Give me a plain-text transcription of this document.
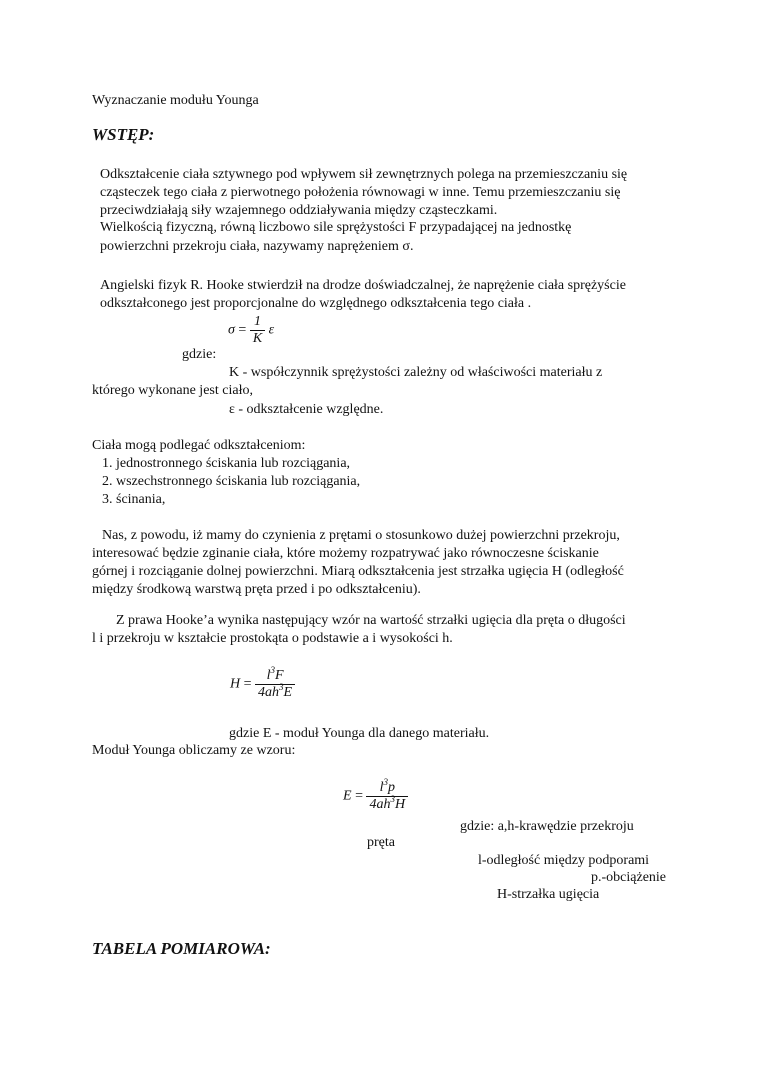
Wyznaczanie modułu Younga
WSTĘP:
Odkształcenie ciała sztywnego pod wpływem sił zewnętrznych polega na przemieszczaniu się
cząsteczek tego ciała z pierwotnego położenia równowagi w inne. Temu przemieszczaniu się
przeciwdziałają siły wzajemnego oddziaływania między cząsteczkami.
Wielkością fizyczną, równą liczbowo sile sprężystości F przypadającej na jednostkę
powierzchni przekroju ciała, nazywamy naprężeniem σ.
Angielski fizyk R. Hooke stwierdził na drodze doświadczalnej, że naprężenie ciała sprężyście
odkształconego jest proporcjonalne do względnego odkształcenia tego ciała .
$\sigma = \frac{1}{K}$ ε
gdzie:
K - współczynnik sprężystości zależny od właściwości materiału z
którego wykonane jest ciało,
ε - odkształcenie względne.
Ciała mogą podlegać odkształceniom:
1. jednostronnego ściskania lub rozciągania,
2. wszechstronnego ściskania lub rozciągania,
3. ścinania,
Nas, z powodu, iż mamy do czynienia z prętami o stosunkowo dużej powierzchni przekroju,
interesować będzie zginanie ciała, które możemy rozpatrywać jako równoczesne ściskanie
górnej i rozciąganie dolnej powierzchni. Miarą odkształcenia jest strzałka ugięcia H (odległość
między środkową warstwą pręta przed i po odkształceniu).
Z prawa Hooke’a wynika następujący wzór na wartość strzałki ugięcia dla pręta o długości
l i przekroju w kształcie prostokąta o podstawie a i wysokości h.
$H = \frac{l^3F}{4ah^3E}$
gdzie E - moduł Younga dla danego materiału.
Moduł Younga obliczamy ze wzoru:
$E = \frac{l^3p}{4ah^3H}$
gdzie: a,h-krawędzie przekroju
pręta
l-odległość między podporami
p.-obciążenie
H-strzałka ugięcia
TABELA POMIAROWA:
